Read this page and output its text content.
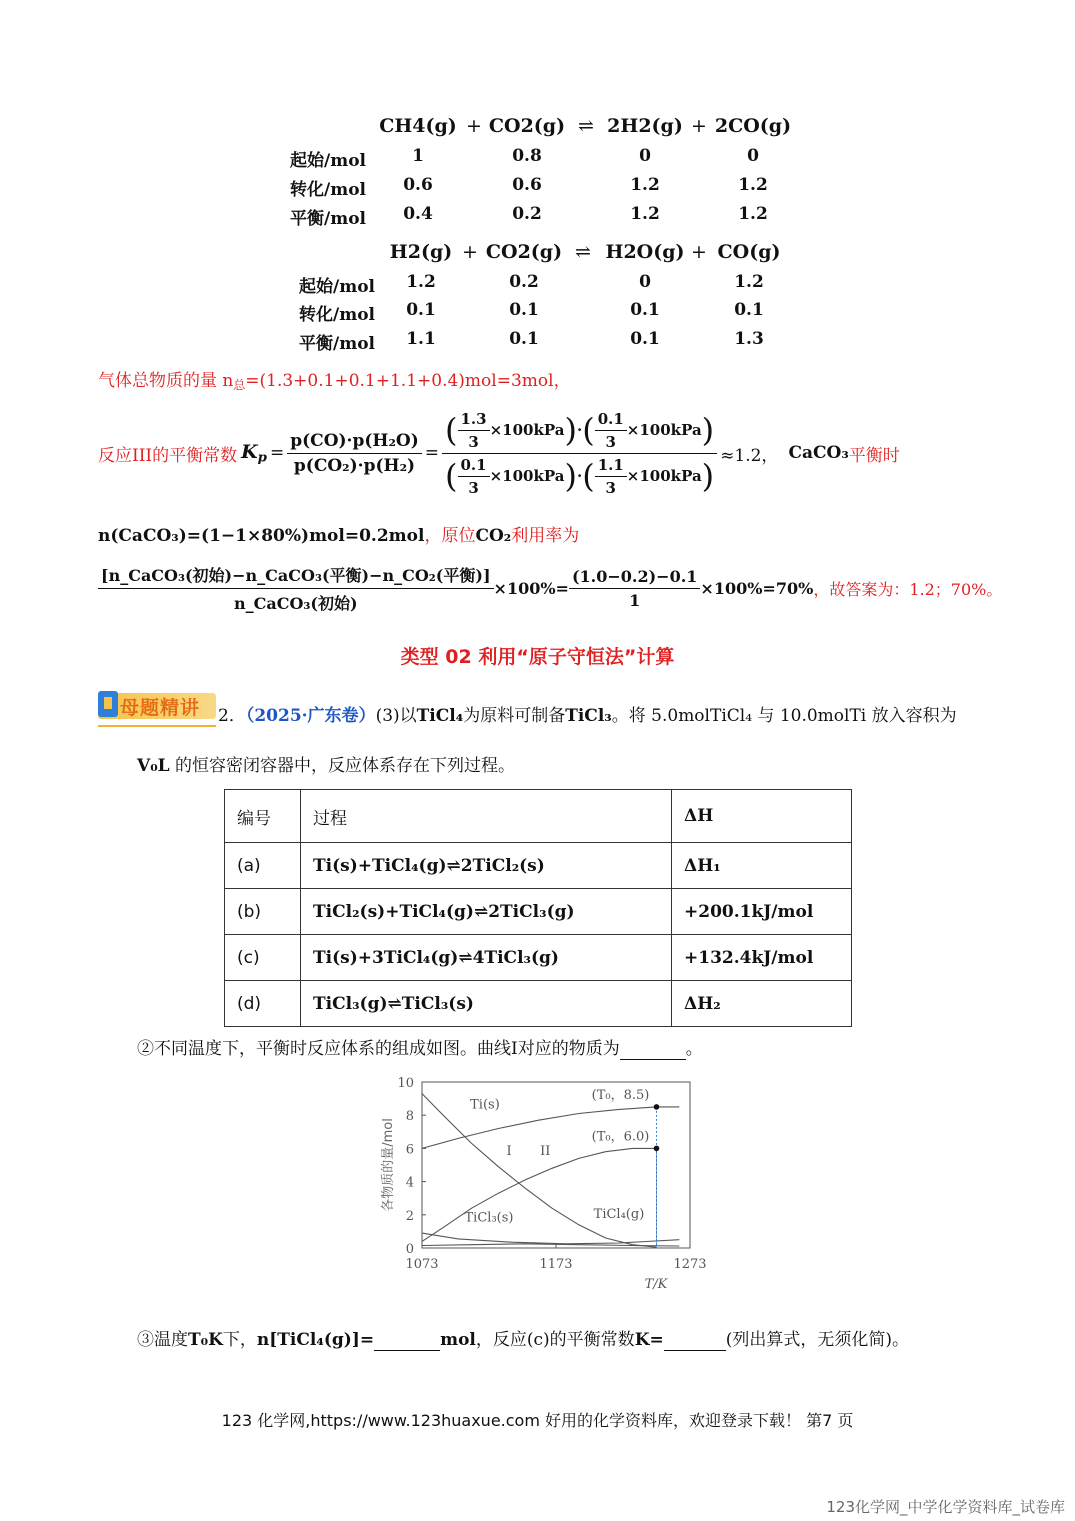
CH4(g) + CO2(g) ⇌ 2H2(g) + 2CO(g)
起始/mol	1	0.8	0	0
转化/mol 0.6	0.6	1.2	1.2
平衡/mol 0.4	0.2	1.2	1.2
H2(g) + CO2(g) ⇌ H2O(g) + CO(g)
起始/mol 1.2	0.2	0	1.2
转化/mol 0.1	0.1	0.1	0.1
平衡/mol 1.1	0.1	0.1	1.3
气体总物质的量 $n_总=(1.3+0.1+0.1+1.1+0.4)mol=3mol$，
反应III的平衡常数 $K_p = \frac{\text{p(CO)·p(H₂O)}}{\text{p(CO₂)·p(H₂)}} = \frac{( \frac{1.3}{3} \times 100kPa ) \cdot ( \frac{0.1}{3} \times 100kPa )}{( \frac{0.1}{3} \times 100kPa ) \cdot ( \frac{1.1}{3} \times 100kPa )} \approx 1.2$， CaCO₃ 平衡时
n(CaCO₃)=(1−1×80%)mol=0.2mol，原位CO₂利用率为
$\frac{\text{[n\_CaCO₃(初始)−n\_CaCO₃(平衡)−n\_CO₂(平衡)]}}{\text{n\_CaCO₃(初始)}} \times 100\%= \frac{(1.0-0.2)-0.1}{1} \times 100\%=70\%$ ，故答案为：1.2；70%。
类型 02 利用“原子守恒法”计算
母题精讲 2．（2025·广东卷）(3)以TiCl₄为原料可制备TiCl₃。将 5.0molTiCl₄ 与 10.0molTi 放入容积为
V₀L 的恒容密闭容器中，反应体系存在下列过程。
编号	过程	ΔH
(a)	Ti(s)+TiCl₄(g)⇌2TiCl₂(s)	ΔH₁
(b)	TiCl₂(s)+TiCl₄(g)⇌2TiCl₃(g)	+200.1kJ/mol
(c)	Ti(s)+3TiCl₄(g)⇌4TiCl₃(g)	+132.4kJ/mol
(d)	TiCl₃(g)⇌TiCl₃(s)	ΔH₂
②不同温度下，平衡时反应体系的组成如图。曲线I对应的物质为	。
0
2
4
6
8
10
1073	1173	1273
T/K
各物质的量/mol
Ti(s)
I II
TiCl₃(s)	TiCl₄(g)
(T₀，8.5)
(T₀，6.0)
③温度T₀K下，n[TiCl₄(g)]=	mol，反应(c)的平衡常数K=	(列出算式，无须化简)。
123 化学网,https://www.123huaxue.com 好用的化学资料库，欢迎登录下载！ 第7 页
123化学网_中学化学资料库_试卷库
